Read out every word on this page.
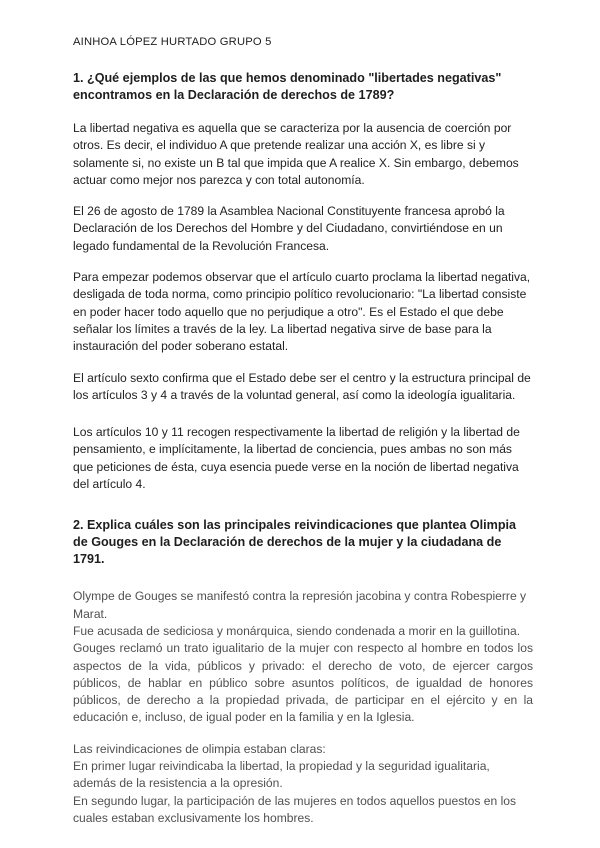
AINHOA LÓPEZ HURTADO GRUPO 5
1. ¿Qué ejemplos de las que hemos denominado "libertades negativas" encontramos en la Declaración de derechos de 1789?

La libertad negativa es aquella que se caracteriza por la ausencia de coerción por otros. Es decir, el individuo A que pretende realizar una acción X, es libre si y solamente si, no existe un B tal que impida que A realice X. Sin embargo, debemos actuar como mejor nos parezca y con total autonomía.

El 26 de agosto de 1789 la Asamblea Nacional Constituyente francesa aprobó la Declaración de los Derechos del Hombre y del Ciudadano, convirtiéndose en un legado fundamental de la Revolución Francesa.

Para empezar podemos observar que el artículo cuarto proclama la libertad negativa, desligada de toda norma, como principio político revolucionario: "La libertad consiste en poder hacer todo aquello que no perjudique a otro". Es el Estado el que debe señalar los límites a través de la ley. La libertad negativa sirve de base para la instauración del poder soberano estatal.

El artículo sexto confirma que el Estado debe ser el centro y la estructura principal de los artículos 3 y 4 a través de la voluntad general, así como la ideología igualitaria.

Los artículos 10 y 11 recogen respectivamente la libertad de religión y la libertad de pensamiento, e implícitamente, la libertad de conciencia, pues ambas no son más que peticiones de ésta, cuya esencia puede verse en la noción de libertad negativa del artículo 4.

2. Explica cuáles son las principales reivindicaciones que plantea Olimpia de Gouges en la Declaración de derechos de la mujer y la ciudadana de 1791.

Olympe de Gouges se manifestó contra la represión jacobina y contra Robespierre y Marat.
Fue acusada de sediciosa y monárquica, siendo condenada a morir en la guillotina.
Gouges reclamó un trato igualitario de la mujer con respecto al hombre en todos los aspectos de la vida, públicos y privado: el derecho de voto, de ejercer cargos públicos, de hablar en público sobre asuntos políticos, de igualdad de honores públicos, de derecho a la propiedad privada, de participar en el ejército y en la educación e, incluso, de igual poder en la familia y en la Iglesia.

Las reivindicaciones de olimpia estaban claras:
En primer lugar reivindicaba la libertad, la propiedad y la seguridad igualitaria, además de la resistencia a la opresión.
En segundo lugar, la participación de las mujeres en todos aquellos puestos en los cuales estaban exclusivamente los hombres.
